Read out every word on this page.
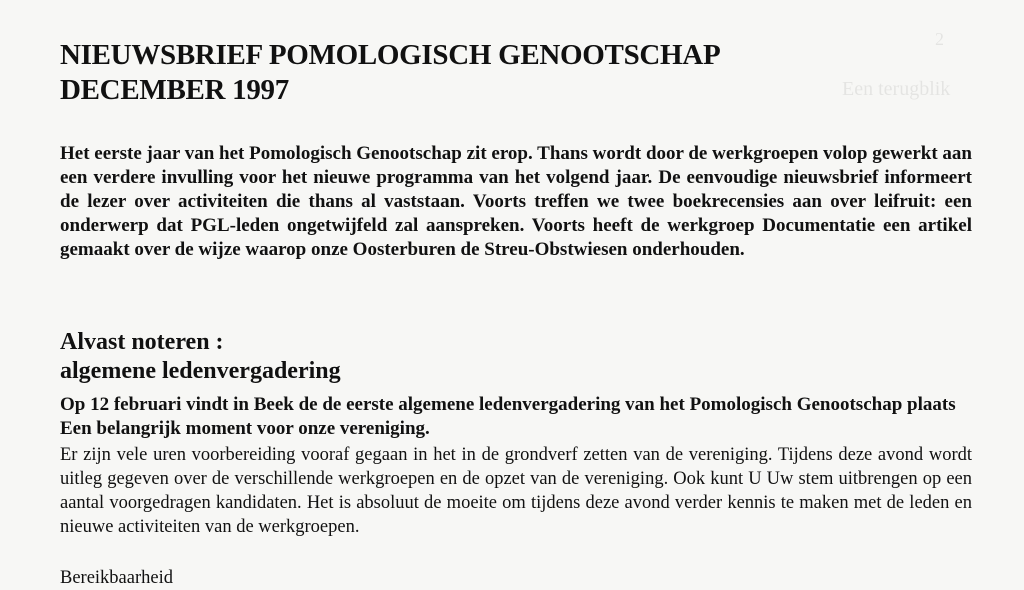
2
Een terugblik
NIEUWSBRIEF POMOLOGISCH GENOOTSCHAP
DECEMBER 1997

Het eerste jaar van het Pomologisch Genootschap zit erop. Thans wordt door de werkgroepen volop gewerkt aan een verdere invulling voor het nieuwe programma van het volgend jaar. De eenvoudige nieuwsbrief informeert de lezer over activiteiten die thans al vaststaan. Voorts treffen we twee boekrecensies aan over leifruit: een onderwerp dat PGL-leden ongetwijfeld zal aanspreken. Voorts heeft de werkgroep Documentatie een artikel gemaakt over de wijze waarop onze Oosterburen de Streu-Obstwiesen onderhouden.

Alvast noteren :
algemene ledenvergadering

Op 12 februari vindt in Beek de de eerste algemene ledenvergadering van het Pomologisch Genootschap plaats Een belangrijk moment voor onze vereniging.

Er zijn vele uren voorbereiding vooraf gegaan in het in de grondverf zetten van de vereniging. Tijdens deze avond wordt uitleg gegeven over de verschillende werkgroepen en de opzet van de vereniging. Ook kunt U Uw stem uitbrengen op een aantal voorgedragen kandidaten. Het is absoluut de moeite om tijdens deze avond verder kennis te maken met de leden en nieuwe activiteiten van de werkgroepen.

Bereikbaarheid
